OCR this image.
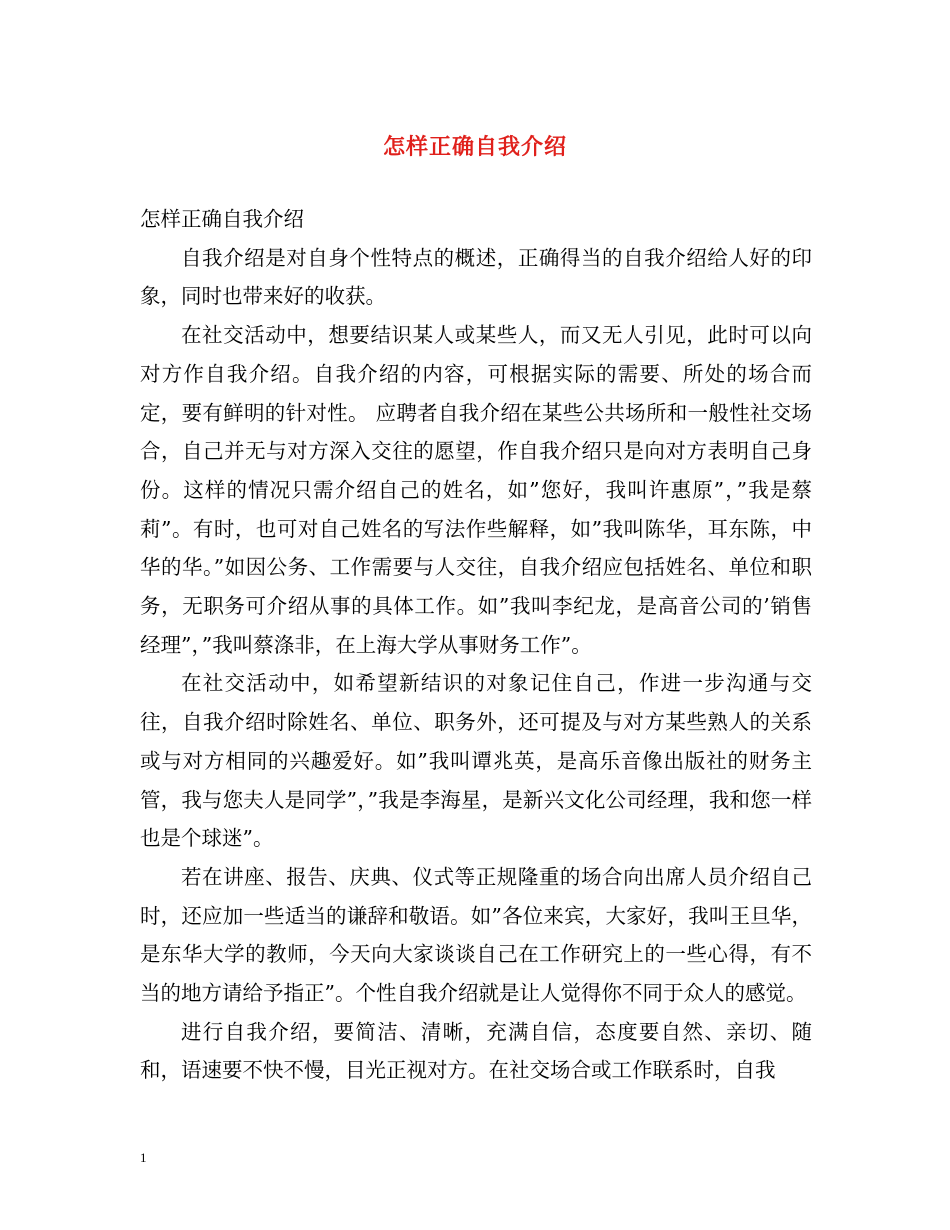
怎样正确自我介绍

怎样正确自我介绍

自我介绍是对自身个性特点的概述，正确得当的自我介绍给人好的印象，同时也带来好的收获。

在社交活动中，想要结识某人或某些人，而又无人引见，此时可以向对方作自我介绍。自我介绍的内容，可根据实际的需要、所处的场合而定，要有鲜明的针对性。 应聘者自我介绍在某些公共场所和一般性社交场合，自己并无与对方深入交往的愿望，作自我介绍只是向对方表明自己身份。这样的情况只需介绍自己的姓名，如”您好，我叫许惠原”，”我是蔡莉”。有时，也可对自己姓名的写法作些解释，如”我叫陈华，耳东陈，中华的华。”如因公务、工作需要与人交往，自我介绍应包括姓名、单位和职务，无职务可介绍从事的具体工作。如”我叫李纪龙，是高音公司的’销售经理”，”我叫蔡涤非，在上海大学从事财务工作”。

在社交活动中，如希望新结识的对象记住自己，作进一步沟通与交往，自我介绍时除姓名、单位、职务外，还可提及与对方某些熟人的关系或与对方相同的兴趣爱好。如”我叫谭兆英，是高乐音像出版社的财务主管，我与您夫人是同学”，”我是李海星，是新兴文化公司经理，我和您一样也是个球迷”。

若在讲座、报告、庆典、仪式等正规隆重的场合向出席人员介绍自己时，还应加一些适当的谦辞和敬语。如”各位来宾，大家好，我叫王旦华，是东华大学的教师，今天向大家谈谈自己在工作研究上的一些心得，有不当的地方请给予指正”。个性自我介绍就是让人觉得你不同于众人的感觉。

进行自我介绍，要简洁、清晰，充满自信，态度要自然、亲切、随和，语速要不快不慢，目光正视对方。在社交场合或工作联系时，自我

1
